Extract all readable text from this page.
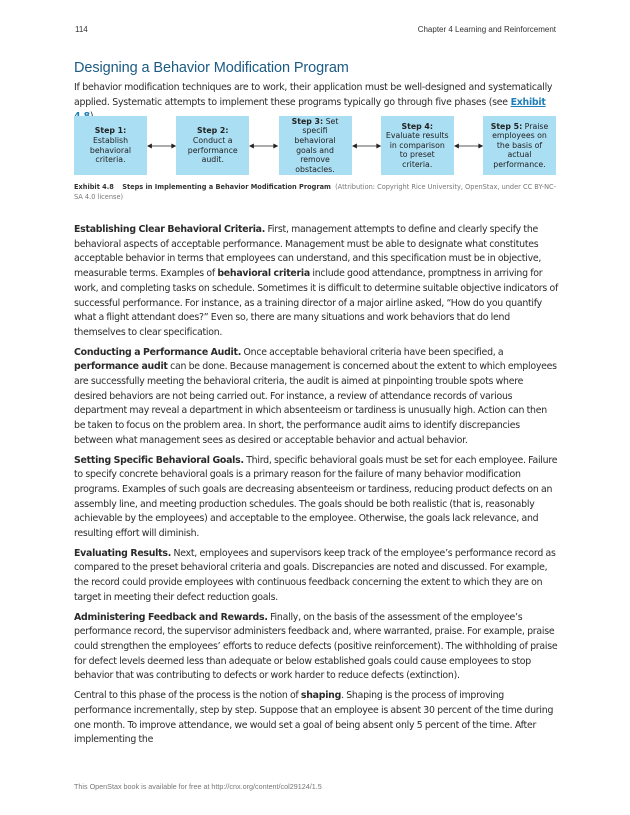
114	Chapter 4 Learning and Reinforcement
Designing a Behavior Modification Program

If behavior modification techniques are to work, their application must be well-designed and systematically applied. Systematic attempts to implement these programs typically go through five phases (see Exhibit

Step 1: Establish behavioral criteria.
Step 2: Conduct a performance audit.
Step 3: Set specifi behavioral goals and remove obstacles.
Step 4: Evaluate results in comparison to preset criteria.
Step 5: Praise employees on the basis of actual performance.

Exhibit 4.8 Steps in Implementing a Behavior Modification Program (Attribution: Copyright Rice University, OpenStax, under CC BY-NC-SA 4.0 license)

Establishing Clear Behavioral Criteria. First, management attempts to define and clearly specify the behavioral aspects of acceptable performance. Management must be able to designate what constitutes acceptable behavior in terms that employees can understand, and this specification must be in objective, measurable terms. Examples of behavioral criteria include good attendance, promptness in arriving for work, and completing tasks on schedule. Sometimes it is difficult to determine suitable objective indicators of successful performance. For instance, as a training director of a major airline asked, “How do you quantify what a flight attendant does?” Even so, there are many situations and work behaviors that do lend themselves to clear specification.

Conducting a Performance Audit. Once acceptable behavioral criteria have been specified, a performance audit can be done. Because management is concerned about the extent to which employees are successfully meeting the behavioral criteria, the audit is aimed at pinpointing trouble spots where desired behaviors are not being carried out. For instance, a review of attendance records of various department may reveal a department in which absenteeism or tardiness is unusually high. Action can then be taken to focus on the problem area. In short, the performance audit aims to identify discrepancies between what management sees as desired or acceptable behavior and actual behavior.

Setting Specific Behavioral Goals. Third, specific behavioral goals must be set for each employee. Failure to specify concrete behavioral goals is a primary reason for the failure of many behavior modification programs. Examples of such goals are decreasing absenteeism or tardiness, reducing product defects on an assembly line, and meeting production schedules. The goals should be both realistic (that is, reasonably achievable by the employees) and acceptable to the employee. Otherwise, the goals lack relevance, and resulting effort will diminish.

Evaluating Results. Next, employees and supervisors keep track of the employee’s performance record as compared to the preset behavioral criteria and goals. Discrepancies are noted and discussed. For example, the record could provide employees with continuous feedback concerning the extent to which they are on target in meeting their defect reduction goals.

Administering Feedback and Rewards. Finally, on the basis of the assessment of the employee’s performance record, the supervisor administers feedback and, where warranted, praise. For example, praise could strengthen the employees’ efforts to reduce defects (positive reinforcement). The withholding of praise for defect levels deemed less than adequate or below established goals could cause employees to stop behavior that was contributing to defects or work harder to reduce defects (extinction).

Central to this phase of the process is the notion of shaping. Shaping is the process of improving performance incrementally, step by step. Suppose that an employee is absent 30 percent of the time during one month. To improve attendance, we would set a goal of being absent only 5 percent of the time. After implementing the

This OpenStax book is available for free at http://cnx.org/content/col29124/1.5
